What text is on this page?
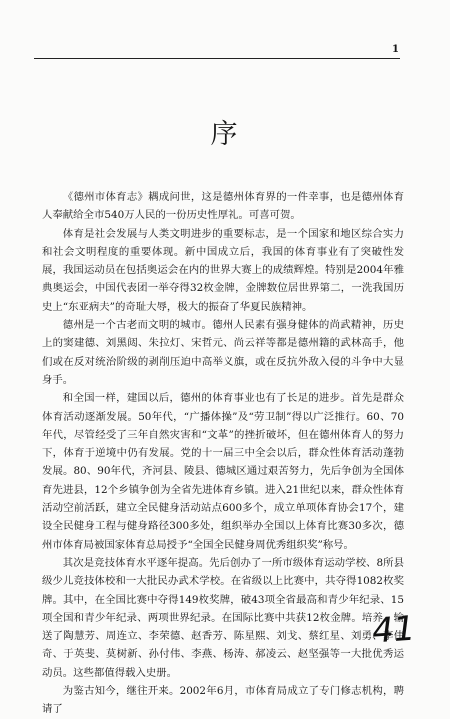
1
序

《德州市体育志》耦成问世，这是德州体育界的一件幸事，也是德州体育人奉献给全市540万人民的一份历史性厚礼。可喜可贺。

体育是社会发展与人类文明进步的重要标志，是一个国家和地区综合实力和社会文明程度的重要体现。新中国成立后，我国的体育事业有了突破性发展，我国运动员在包括奥运会在内的世界大赛上的成绩辉煌。特别是2004年雅典奥运会，中国代表团一举夺得32枚金牌，金牌数位居世界第二，一洗我国历史上“东亚病夫”的奇耻大辱，极大的振奋了华夏民族精神。

德州是一个古老而文明的城市。德州人民素有强身健体的尚武精神，历史上的窦建德、刘黑闼、朱拉灯、宋哲元、尚云祥等都是德州籍的武林高手，他们或在反对统治阶级的剥削压迫中高举义旗，或在反抗外敌入侵的斗争中大显身手。

和全国一样，建国以后，德州的体育事业也有了长足的进步。首先是群众体育活动逐渐发展。50年代，“广播体操”及“劳卫制”得以广泛推行。60、70年代，尽管经受了三年自然灾害和“文革”的挫折破坏，但在德州体育人的努力下，体育于逆境中仍有发展。党的十一届三中全会以后，群众性体育活动蓬勃发展。80、90年代，齐河县、陵县、德城区通过艰苦努力，先后争创为全国体育先进县，12个乡镇争创为全省先进体育乡镇。进入21世纪以来，群众性体育活动空前活跃，建立全民健身活动站点600多个，成立单项体育协会17个，建设全民健身工程与健身路径300多处，组织举办全国以上体育比赛30多次，德州市体育局被国家体育总局授予“全国全民健身周优秀组织奖”称号。

其次是竞技体育水平逐年提高。先后创办了一所市级体育运动学校、8所县级少儿竞技体校和一大批民办武术学校。在省级以上比赛中，共夺得1082枚奖牌。其中，在全国比赛中夺得149枚奖牌，破43项全省最高和青少年纪录、15项全国和青少年纪录、两项世界纪录。在国际比赛中共获12枚金牌。培养、输送了陶慧芳、周连立、李荣德、赵香芳、陈星熙、刘戈、蔡红星、刘勇、李伟奇、于英斐、莫树新、孙付伟、李燕、杨涛、郝凌云、赵坚强等一大批优秀运动员。这些都值得载入史册。

为鉴古知今，继往开来。2002年6月，市体育局成立了专门修志机构，聘请了

41
